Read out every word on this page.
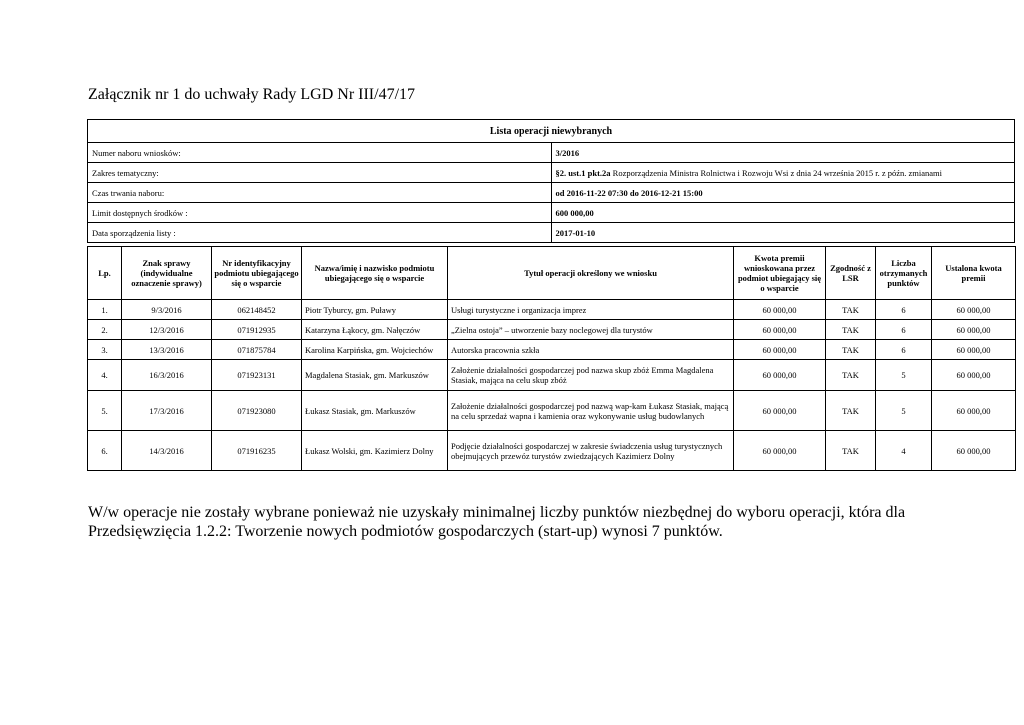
Załącznik nr 1 do uchwały Rady LGD Nr III/47/17
Lista operacji niewybranych	
Numer naboru wniosków:	3/2016
Zakres tematyczny:	§2. ust.1 pkt.2a Rozporządzenia Ministra Rolnictwa i Rozwoju Wsi z dnia 24 września 2015 r. z późn. zmianami
Czas trwania naboru:	od 2016-11-22 07:30 do 2016-12-21 15:00
Limit dostępnych środków :	600 000,00
Data sporządzenia listy :	2017-01-10
Lp.	Znak sprawy (indywidualne oznaczenie sprawy)	Nr identyfikacyjny podmiotu ubiegającego się o wsparcie	Nazwa/imię i nazwisko podmiotu ubiegającego się o wsparcie	Tytuł operacji określony we wniosku	Kwota premii wnioskowana przez podmiot ubiegający się o wsparcie	Zgodność z LSR	Liczba otrzymanych punktów	Ustalona kwota premii
1.	9/3/2016	062148452	Piotr Tyburcy, gm. Puławy	Usługi turystyczne i organizacja imprez	60 000,00	TAK	6	60 000,00
2.	12/3/2016	071912935	Katarzyna Łąkocy, gm. Nałęczów	„Zielna ostoja” – utworzenie bazy noclegowej dla turystów	60 000,00	TAK	6	60 000,00
3.	13/3/2016	071875784	Karolina Karpińska, gm. Wojciechów	Autorska pracownia szkła	60 000,00	TAK	6	60 000,00
4.	16/3/2016	071923131	Magdalena Stasiak, gm. Markuszów	Założenie działalności gospodarczej pod nazwa skup zbóż Emma Magdalena Stasiak, mająca na celu skup zbóż	60 000,00	TAK	5	60 000,00
5.	17/3/2016	071923080	Łukasz Stasiak, gm. Markuszów	Założenie działalności gospodarczej pod nazwą wap-kam Łukasz Stasiak, mającą na celu sprzedaż wapna i kamienia oraz wykonywanie usług budowlanych	60 000,00	TAK	5	60 000,00
6.	14/3/2016	071916235	Łukasz Wolski, gm. Kazimierz Dolny	Podjęcie działalności gospodarczej w zakresie świadczenia usług turystycznych obejmujących przewóz turystów zwiedzających Kazimierz Dolny	60 000,00	TAK	4	60 000,00
W/w operacje nie zostały wybrane ponieważ nie uzyskały minimalnej liczby punktów niezbędnej do wyboru operacji, która dla Przedsięwzięcia 1.2.2: Tworzenie nowych podmiotów gospodarczych (start-up) wynosi 7 punktów.
